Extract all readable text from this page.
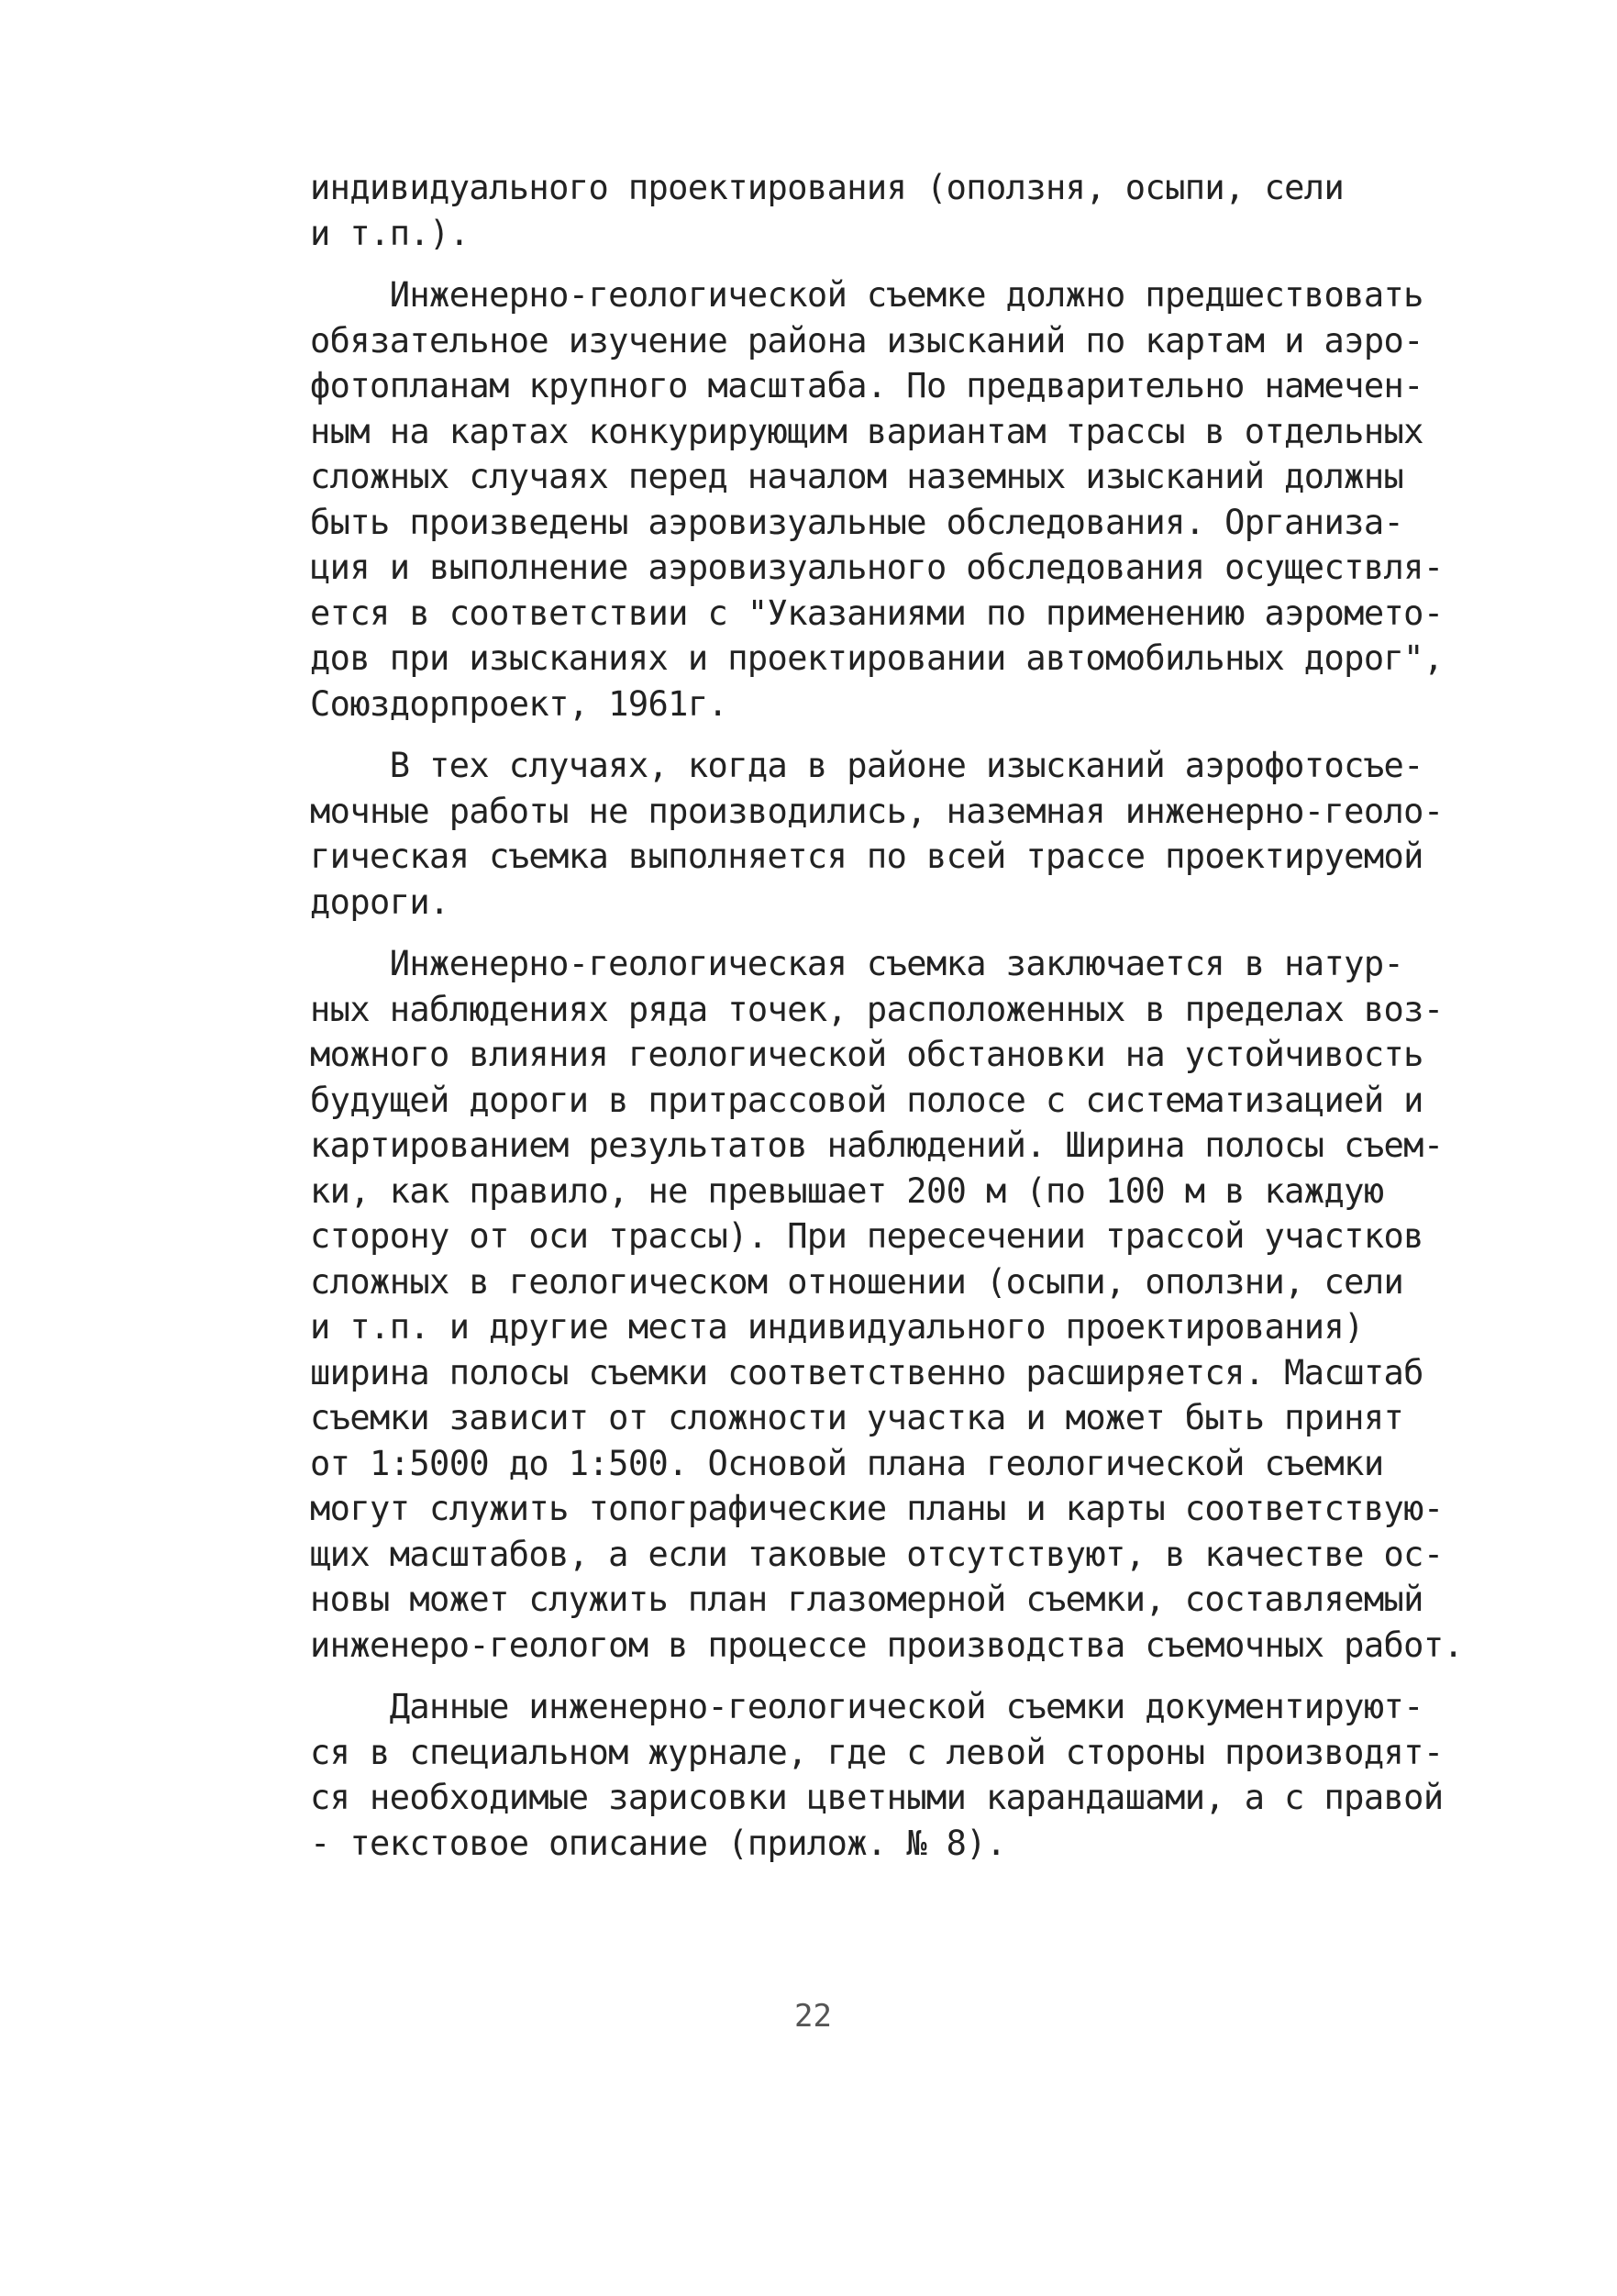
индивидуального проектирования (оползня, осыпи, сели
и т.п.).
Инженерно-геологической съемке должно предшествовать
обязательное изучение района изысканий по картам и аэро-
фотопланам крупного масштаба. По предварительно намечен-
ным на картах конкурирующим вариантам трассы в отдельных
сложных случаях перед началом наземных изысканий должны
быть произведены аэровизуальные обследования. Организа-
ция и выполнение аэровизуального обследования осуществля-
ется в соответствии с "Указаниями по применению аэромето-
дов при изысканиях и проектировании автомобильных дорог",
Союздорпроект, 1961г.
В тех случаях, когда в районе изысканий аэрофотосъе-
мочные работы не производились, наземная инженерно-геоло-
гическая съемка выполняется по всей трассе проектируемой
дороги.
Инженерно-геологическая съемка заключается в натур-
ных наблюдениях ряда точек, расположенных в пределах воз-
можного влияния геологической обстановки на устойчивость
будущей дороги в притрассовой полосе с систематизацией и
картированием результатов наблюдений. Ширина полосы съем-
ки, как правило, не превышает 200 м (по 100 м в каждую
сторону от оси трассы). При пересечении трассой участков
сложных в геологическом отношении (осыпи, оползни, сели
и т.п. и другие места индивидуального проектирования)
ширина полосы съемки соответственно расширяется. Масштаб
съемки зависит от сложности участка и может быть принят
от 1:5000 до 1:500. Основой плана геологической съемки
могут служить топографические планы и карты соответствую-
щих масштабов, а если таковые отсутствуют, в качестве ос-
новы может служить план глазомерной съемки, составляемый
инженеро-геологом в процессе производства съемочных работ.
Данные инженерно-геологической съемки документируют-
ся в специальном журнале, где с левой стороны производят-
ся необходимые зарисовки цветными карандашами, а с правой
- текстовое описание (прилож. № 8).
22
